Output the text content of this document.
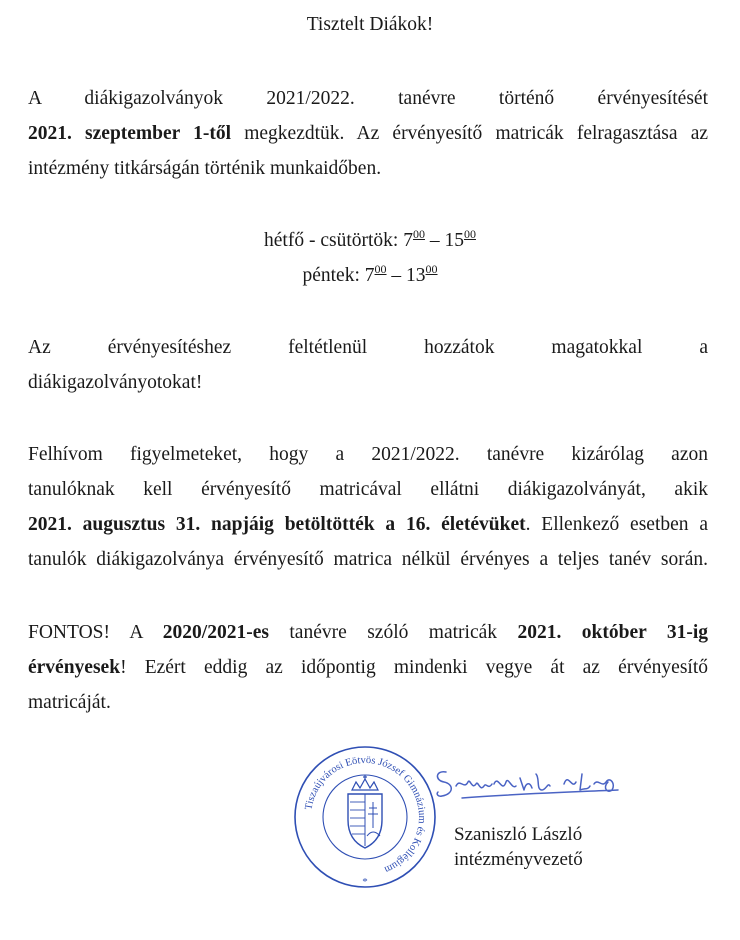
Tisztelt Diákok!
A diákigazolványok 2021/2022. tanévre történő érvényesítését
2021. szeptember 1-től megkezdtük. Az érvényesítő matricák felragasztása az
intézmény titkárságán történik munkaidőben.
hétfő - csütörtök: $7^{00} - 15^{00}$
péntek: $7^{00} - 13^{00}$
Az érvényesítéshez feltétlenül hozzátok magatokkal a
diákigazolványotokat!
Felhívom figyelmeteket, hogy a 2021/2022. tanévre kizárólag azon
tanulóknak kell érvényesítő matricával ellátni diákigazolványát, akik
2021. augusztus 31. napjáig betöltötték a 16. életévüket. Ellenkező esetben a
tanulók diákigazolványa érvényesítő matrica nélkül érvényes a teljes tanév során.
FONTOS! A 2020/2021-es tanévre szóló matricák 2021. október 31-ig
érvényesek! Ezért eddig az időpontig mindenki vegye át az érvényesítő
matricáját.
Tiszaújvárosi Eötvös József Gimnázium és Kollégium
*
Szaniszló László
intézményvezető
